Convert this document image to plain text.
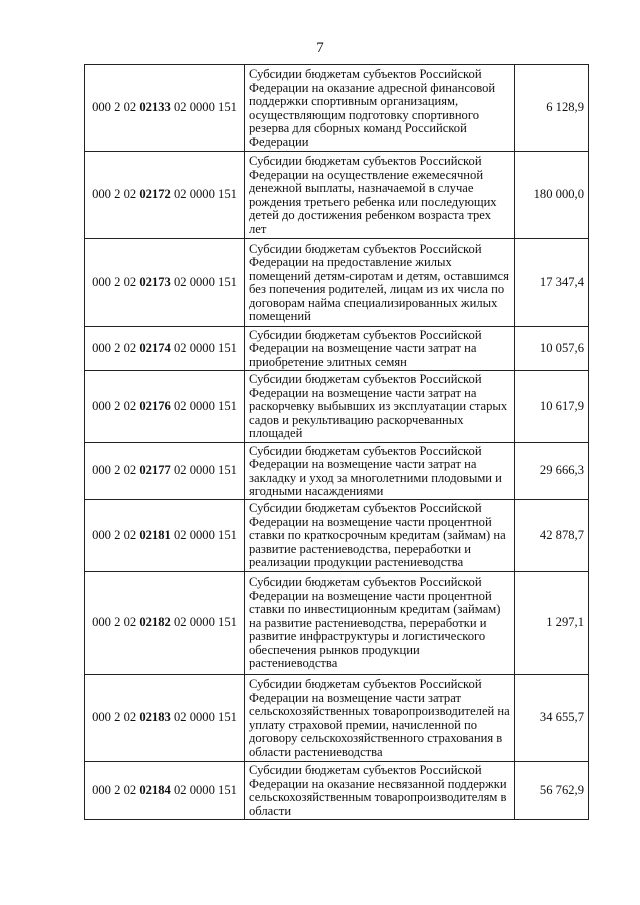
7
000 2 02 02133 02 0000 151	Субсидии бюджетам субъектов Российской Федерации на оказание адресной финансовой поддержки спортивным организациям, осуществляющим подготовку спортивного резерва для сборных команд Российской Федерации	6 128,9
000 2 02 02172 02 0000 151	Субсидии бюджетам субъектов Российской Федерации на осуществление ежемесячной денежной выплаты, назначаемой в случае рождения третьего ребенка или последующих детей до достижения ребенком возраста трех лет	180 000,0
000 2 02 02173 02 0000 151	Субсидии бюджетам субъектов Российской Федерации на предоставление жилых помещений детям-сиротам и детям, оставшимся без попечения родителей, лицам из их числа по договорам найма специализированных жилых помещений	17 347,4
000 2 02 02174 02 0000 151	Субсидии бюджетам субъектов Российской Федерации на возмещение части затрат на приобретение элитных семян	10 057,6
000 2 02 02176 02 0000 151	Субсидии бюджетам субъектов Российской Федерации на возмещение части затрат на раскорчевку выбывших из эксплуатации старых садов и рекультивацию раскорчеванных площадей	10 617,9
000 2 02 02177 02 0000 151	Субсидии бюджетам субъектов Российской Федерации на возмещение части затрат на закладку и уход за многолетними плодовыми и ягодными насаждениями	29 666,3
000 2 02 02181 02 0000 151	Субсидии бюджетам субъектов Российской Федерации на возмещение части процентной ставки по краткосрочным кредитам (займам) на развитие растениеводства, переработки и реализации продукции растениеводства	42 878,7
000 2 02 02182 02 0000 151	Субсидии бюджетам субъектов Российской Федерации на возмещение части процентной ставки по инвестиционным кредитам (займам) на развитие растениеводства, переработки и развитие инфраструктуры и логистического обеспечения рынков продукции растениеводства	1 297,1
000 2 02 02183 02 0000 151	Субсидии бюджетам субъектов Российской Федерации на возмещение части затрат сельскохозяйственных товаропроизводителей на уплату страховой премии, начисленной по договору сельскохозяйственного страхования в области растениеводства	34 655,7
000 2 02 02184 02 0000 151	Субсидии бюджетам субъектов Российской Федерации на оказание несвязанной поддержки сельскохозяйственным товаропроизводителям в области	56 762,9
